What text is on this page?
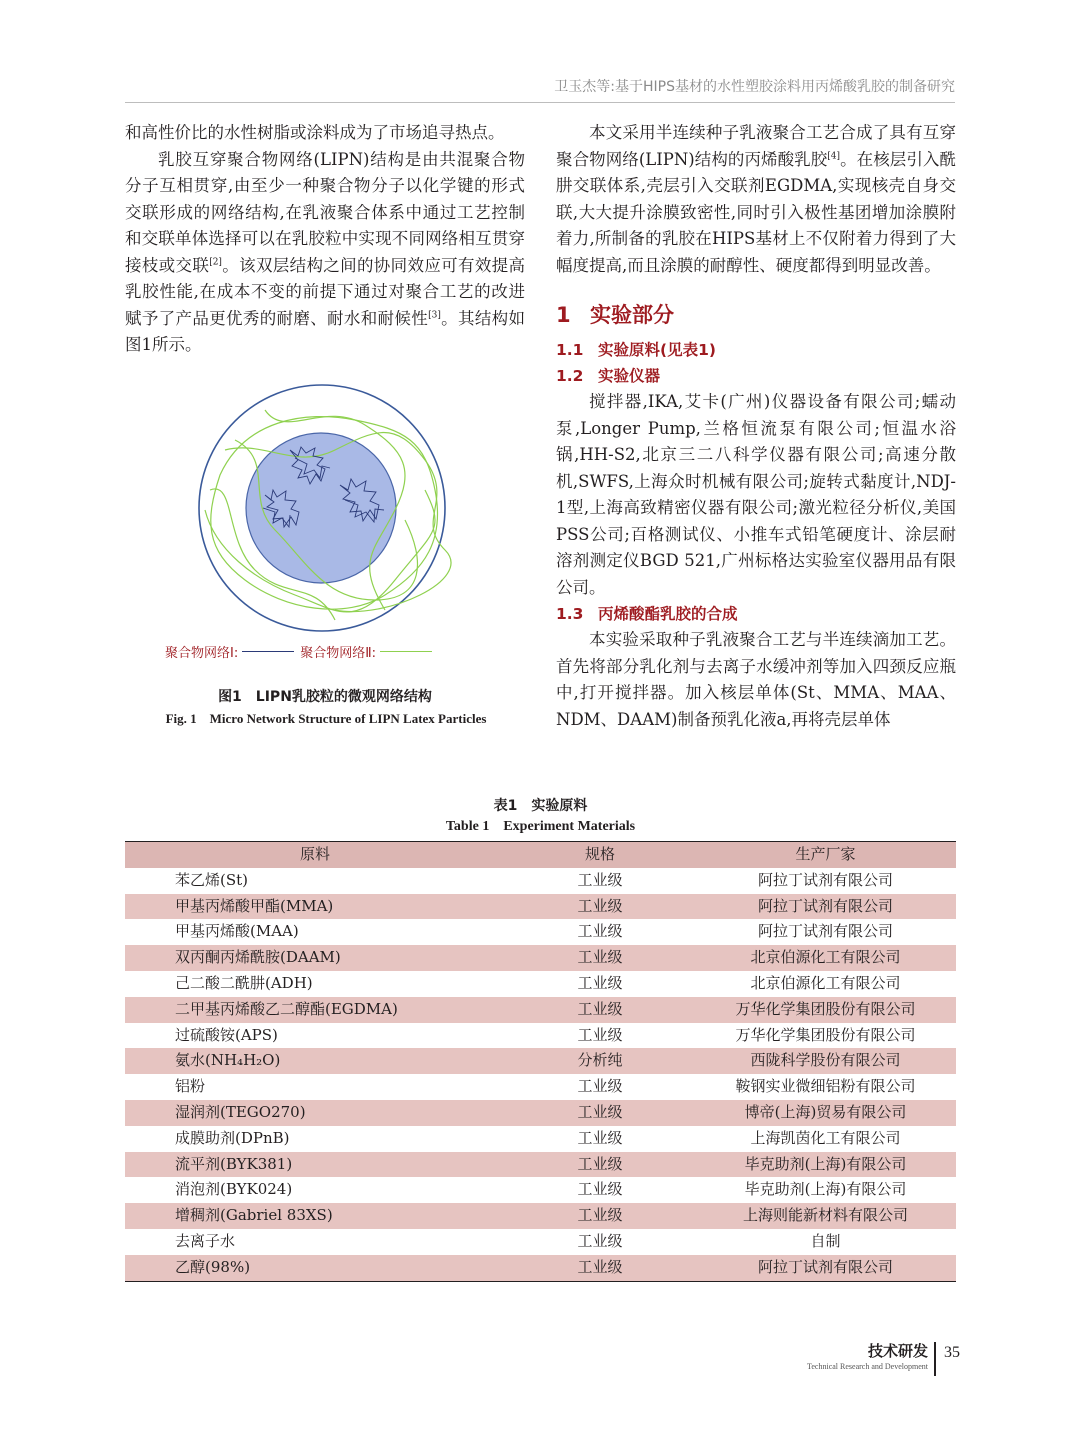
卫玉杰等:基于HIPS基材的水性塑胶涂料用丙烯酸乳胶的制备研究

和高性价比的水性树脂或涂料成为了市场追寻热点。

乳胶互穿聚合物网络(LIPN)结构是由共混聚合物分子互相贯穿,由至少一种聚合物分子以化学键的形式交联形成的网络结构,在乳液聚合体系中通过工艺控制和交联单体选择可以在乳胶粒中实现不同网络相互贯穿接枝或交联[2]。该双层结构之间的协同效应可有效提高乳胶性能,在成本不变的前提下通过对聚合工艺的改进赋予了产品更优秀的耐磨、耐水和耐候性[3]。其结构如图1所示。

聚合物网络Ⅰ:	聚合物网络Ⅱ:
图1　LIPN乳胶粒的微观网络结构
Fig. 1　Micro Network Structure of LIPN Latex Particles

本文采用半连续种子乳液聚合工艺合成了具有互穿聚合物网络(LIPN)结构的丙烯酸乳胶[4]。在核层引入酰肼交联体系,壳层引入交联剂EGDMA,实现核壳自身交联,大大提升涂膜致密性,同时引入极性基团增加涂膜附着力,所制备的乳胶在HIPS基材上不仅附着力得到了大幅度提高,而且涂膜的耐醇性、硬度都得到明显改善。

1 实验部分
1.1 实验原料(见表1)
1.2 实验仪器

搅拌器,IKA,艾卡(广州)仪器设备有限公司;蠕动泵,Longer Pump,兰格恒流泵有限公司;恒温水浴锅,HH-S2,北京三二八科学仪器有限公司;高速分散机,SWFS,上海众时机械有限公司;旋转式黏度计,NDJ-1型,上海高致精密仪器有限公司;激光粒径分析仪,美国PSS公司;百格测试仪、小推车式铅笔硬度计、涂层耐溶剂测定仪BGD 521,广州标格达实验室仪器用品有限公司。

1.3 丙烯酸酯乳胶的合成

本实验采取种子乳液聚合工艺与半连续滴加工艺。首先将部分乳化剂与去离子水缓冲剂等加入四颈反应瓶中,打开搅拌器。加入核层单体(St、MMA、MAA、NDM、DAAM)制备预乳化液a,再将壳层单体

表1　实验原料
Table 1　Experiment Materials
原料	规格	生产厂家
苯乙烯(St)	工业级	阿拉丁试剂有限公司
甲基丙烯酸甲酯(MMA)	工业级	阿拉丁试剂有限公司
甲基丙烯酸(MAA)	工业级	阿拉丁试剂有限公司
双丙酮丙烯酰胺(DAAM)	工业级	北京伯源化工有限公司
己二酸二酰肼(ADH)	工业级	北京伯源化工有限公司
二甲基丙烯酸乙二醇酯(EGDMA)	工业级	万华化学集团股份有限公司
过硫酸铵(APS)	工业级	万华化学集团股份有限公司
氨水(NH₄H₂O)	分析纯	西陇科学股份有限公司
铝粉	工业级	鞍钢实业微细铝粉有限公司
湿润剂(TEGO270)	工业级	博帝(上海)贸易有限公司
成膜助剂(DPnB)	工业级	上海凯茵化工有限公司
流平剂(BYK381)	工业级	毕克助剂(上海)有限公司
消泡剂(BYK024)	工业级	毕克助剂(上海)有限公司
增稠剂(Gabriel 83XS)	工业级	上海则能新材料有限公司
去离子水	工业级	自制
乙醇(98%)	工业级	阿拉丁试剂有限公司
技术研发
Technical Research and Development
35
